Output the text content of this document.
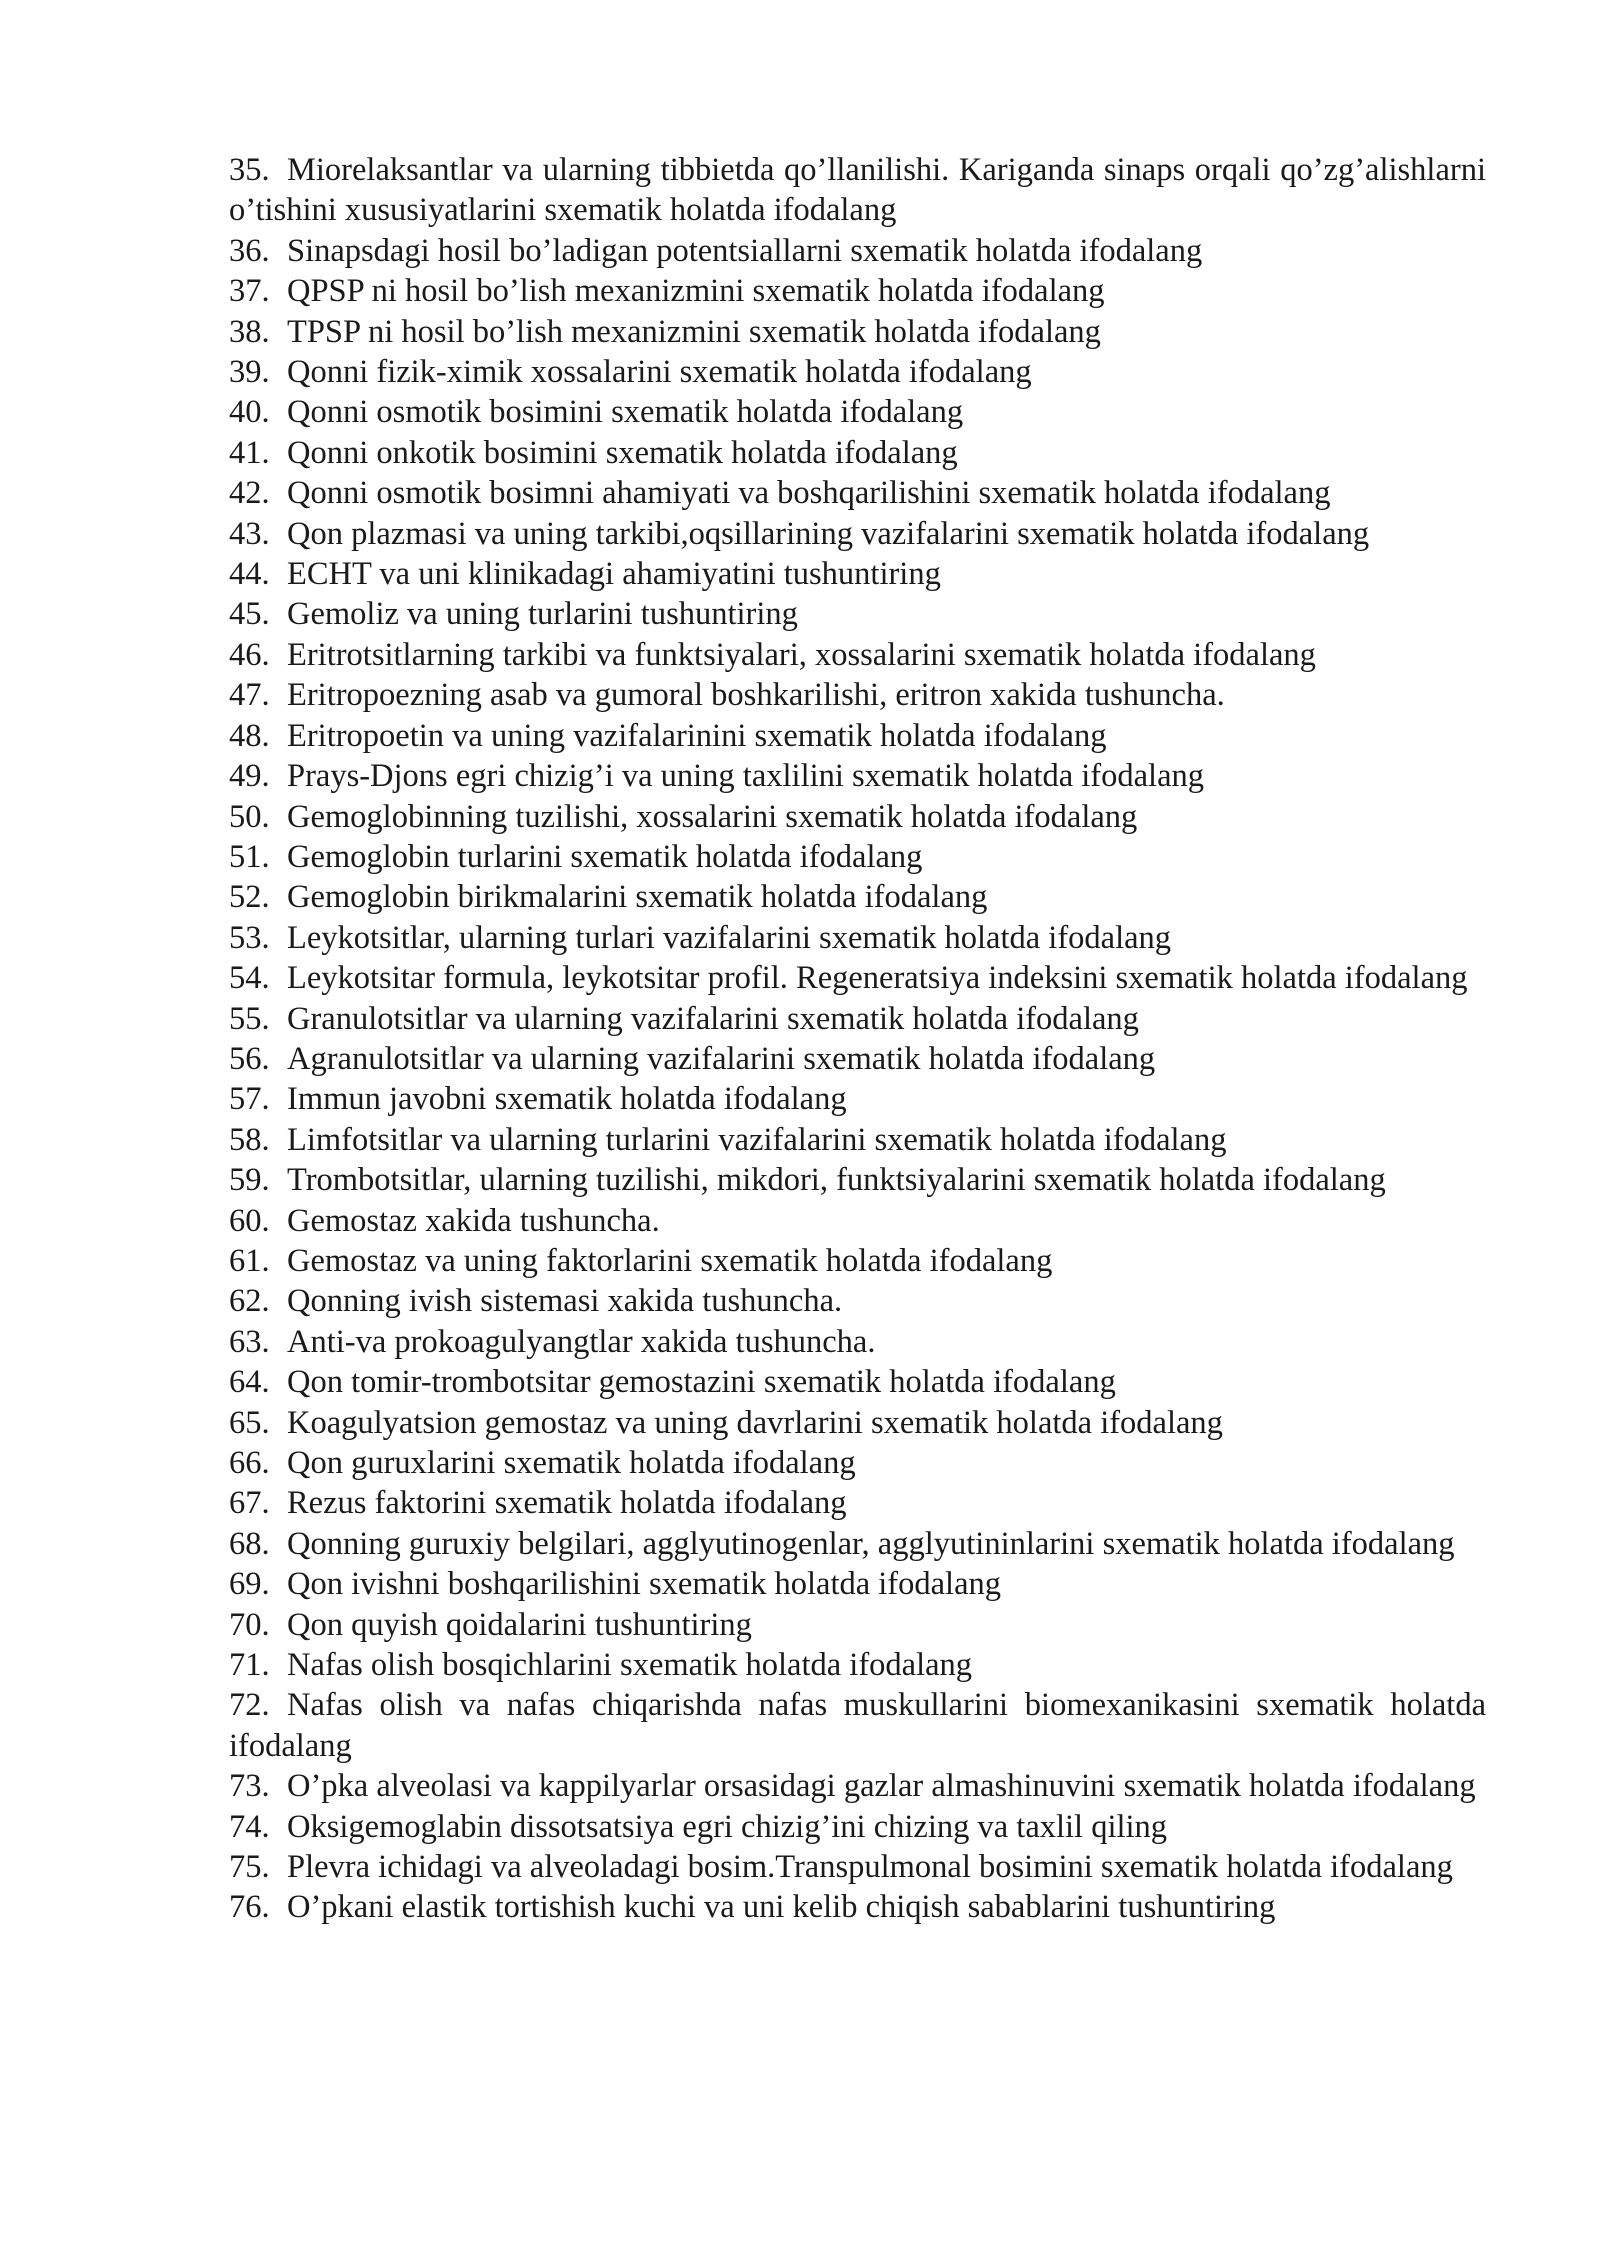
35. Miorelaksantlar va ularning tibbietda qo’llanilishi. Kariganda sinaps orqali qo’zg’alishlarni o’tishini xususiyatlarini sxematik holatda ifodalang
36. Sinapsdagi hosil bo’ladigan potentsiallarni sxematik holatda ifodalang
37. QPSP ni hosil bo’lish mexanizmini sxematik holatda ifodalang
38. TPSP ni hosil bo’lish mexanizmini sxematik holatda ifodalang
39. Qonni fizik-ximik xossalarini sxematik holatda ifodalang
40. Qonni osmotik bosimini sxematik holatda ifodalang
41. Qonni onkotik bosimini sxematik holatda ifodalang
42. Qonni osmotik bosimni ahamiyati va boshqarilishini sxematik holatda ifodalang
43. Qon plazmasi va uning tarkibi,oqsillarining vazifalarini sxematik holatda ifodalang
44. ECHT va uni klinikadagi ahamiyatini tushuntiring
45. Gemoliz va uning turlarini tushuntiring
46. Eritrotsitlarning tarkibi va funktsiyalari, xossalarini sxematik holatda ifodalang
47. Eritropoezning asab va gumoral boshkarilishi, eritron xakida tushuncha.
48. Eritropoetin va uning vazifalarinini sxematik holatda ifodalang
49. Prays-Djons egri chizig’i va uning taxlilini sxematik holatda ifodalang
50. Gemoglobinning tuzilishi, xossalarini sxematik holatda ifodalang
51. Gemoglobin turlarini sxematik holatda ifodalang
52. Gemoglobin birikmalarini sxematik holatda ifodalang
53. Leykotsitlar, ularning turlari vazifalarini sxematik holatda ifodalang
54. Leykotsitar formula, leykotsitar profil. Regeneratsiya indeksini sxematik holatda ifodalang
55. Granulotsitlar va ularning vazifalarini sxematik holatda ifodalang
56. Agranulotsitlar va ularning vazifalarini sxematik holatda ifodalang
57. Immun javobni sxematik holatda ifodalang
58. Limfotsitlar va ularning turlarini vazifalarini sxematik holatda ifodalang
59. Trombotsitlar, ularning tuzilishi, mikdori, funktsiyalarini sxematik holatda ifodalang
60. Gemostaz xakida tushuncha.
61. Gemostaz va uning faktorlarini sxematik holatda ifodalang
62. Qonning ivish sistemasi xakida tushuncha.
63. Anti-va prokoagulyangtlar xakida tushuncha.
64. Qon tomir-trombotsitar gemostazini sxematik holatda ifodalang
65. Koagulyatsion gemostaz va uning davrlarini sxematik holatda ifodalang
66. Qon guruxlarini sxematik holatda ifodalang
67. Rezus faktorini sxematik holatda ifodalang
68. Qonning guruxiy belgilari, agglyutinogenlar, agglyutininlarini sxematik holatda ifodalang
69. Qon ivishni boshqarilishini sxematik holatda ifodalang
70. Qon quyish qoidalarini tushuntiring
71. Nafas olish bosqichlarini sxematik holatda ifodalang
72. Nafas olish va nafas chiqarishda nafas muskullarini biomexanikasini sxematik holatda ifodalang
73. O’pka alveolasi va kappilyarlar orsasidagi gazlar almashinuvini sxematik holatda ifodalang
74. Oksigemoglabin dissotsatsiya egri chizig’ini chizing va taxlil qiling
75. Plevra ichidagi va alveoladagi bosim.Transpulmonal bosimini sxematik holatda ifodalang
76. O’pkani elastik tortishish kuchi va uni kelib chiqish sabablarini tushuntiring
